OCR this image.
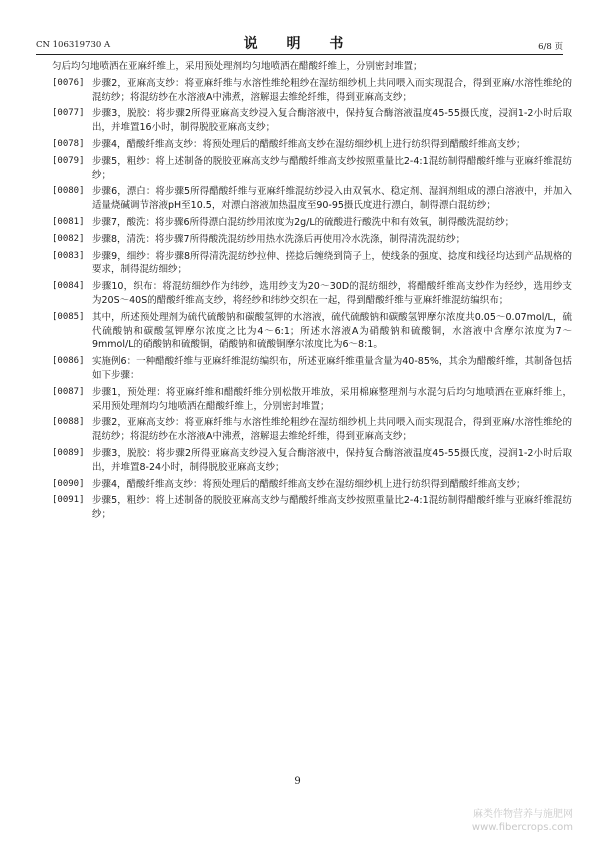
CN 106319730 A	说 明 书	6/8 页

匀后均匀地喷洒在亚麻纤维上，采用预处理剂均匀地喷洒在醋酸纤维上，分别密封堆置；

[0076] 步骤2，亚麻高支纱：将亚麻纤维与水溶性维纶粗纱在湿纺细纱机上共同喂入而实现混合，得到亚麻/水溶性维纶的混纺纱；将混纺纱在水溶液A中沸煮，溶解退去维纶纤维，得到亚麻高支纱；

[0077] 步骤3，脱胶：将步骤2所得亚麻高支纱浸入复合酶溶液中，保持复合酶溶液温度45-55摄氏度，浸润1-2小时后取出，并堆置16小时，制得脱胶亚麻高支纱；

[0078] 步骤4，醋酸纤维高支纱：将预处理后的醋酸纤维高支纱在湿纺细纱机上进行纺织得到醋酸纤维高支纱；

[0079] 步骤5，粗纱：将上述制备的脱胶亚麻高支纱与醋酸纤维高支纱按照重量比2-4:1混纺制得醋酸纤维与亚麻纤维混纺纱；

[0080] 步骤6，漂白：将步骤5所得醋酸纤维与亚麻纤维混纺纱浸入由双氧水、稳定剂、湿润剂组成的漂白溶液中，并加入适量烧碱调节溶液pH至10.5，对漂白溶液加热温度至90-95摄氏度进行漂白，制得漂白混纺纱；

[0081] 步骤7，酸洗：将步骤6所得漂白混纺纱用浓度为2g/L的硫酸进行酸洗中和有效氧，制得酸洗混纺纱；

[0082] 步骤8，清洗：将步骤7所得酸洗混纺纱用热水洗涤后再使用冷水洗涤，制得清洗混纺纱；

[0083] 步骤9，细纱：将步骤8所得清洗混纺纱拉伸、搓捻后缠绕到筒子上，使线条的强度、捻度和线径均达到产品规格的要求，制得混纺细纱；

[0084] 步骤10，织布：将混纺细纱作为纬纱，选用纱支为20～30D的混纺细纱，将醋酸纤维高支纱作为经纱，选用纱支为20S～40S的醋酸纤维高支纱，将经纱和纬纱交织在一起，得到醋酸纤维与亚麻纤维混纺编织布；

[0085] 其中，所述预处理剂为硫代硫酸钠和碳酸氢钾的水溶液，硫代硫酸钠和碳酸氢钾摩尔浓度共0.05～0.07mol/L，硫代硫酸钠和碳酸氢钾摩尔浓度之比为4～6:1；所述水溶液A为硝酸钠和硫酸铜，水溶液中含摩尔浓度为7～9mmol/L的硝酸钠和硫酸铜，硝酸钠和硫酸铜摩尔浓度比为6～8:1。

[0086] 实施例6：一种醋酸纤维与亚麻纤维混纺编织布，所述亚麻纤维重量含量为40-85%，其余为醋酸纤维，其制备包括如下步骤：

[0087] 步骤1，预处理：将亚麻纤维和醋酸纤维分别松散开堆放，采用棉麻整理剂与水混匀后均匀地喷洒在亚麻纤维上，采用预处理剂均匀地喷洒在醋酸纤维上，分别密封堆置；

[0088] 步骤2，亚麻高支纱：将亚麻纤维与水溶性维纶粗纱在湿纺细纱机上共同喂入而实现混合，得到亚麻/水溶性维纶的混纺纱；将混纺纱在水溶液A中沸煮，溶解退去维纶纤维，得到亚麻高支纱；

[0089] 步骤3，脱胶：将步骤2所得亚麻高支纱浸入复合酶溶液中，保持复合酶溶液温度45-55摄氏度，浸润1-2小时后取出，并堆置8-24小时，制得脱胶亚麻高支纱；

[0090] 步骤4，醋酸纤维高支纱：将预处理后的醋酸纤维高支纱在湿纺细纱机上进行纺织得到醋酸纤维高支纱；

[0091] 步骤5，粗纱：将上述制备的脱胶亚麻高支纱与醋酸纤维高支纱按照重量比2-4:1混纺制得醋酸纤维与亚麻纤维混纺纱；

9
麻类作物营养与施肥网
www.fibercrops.com
